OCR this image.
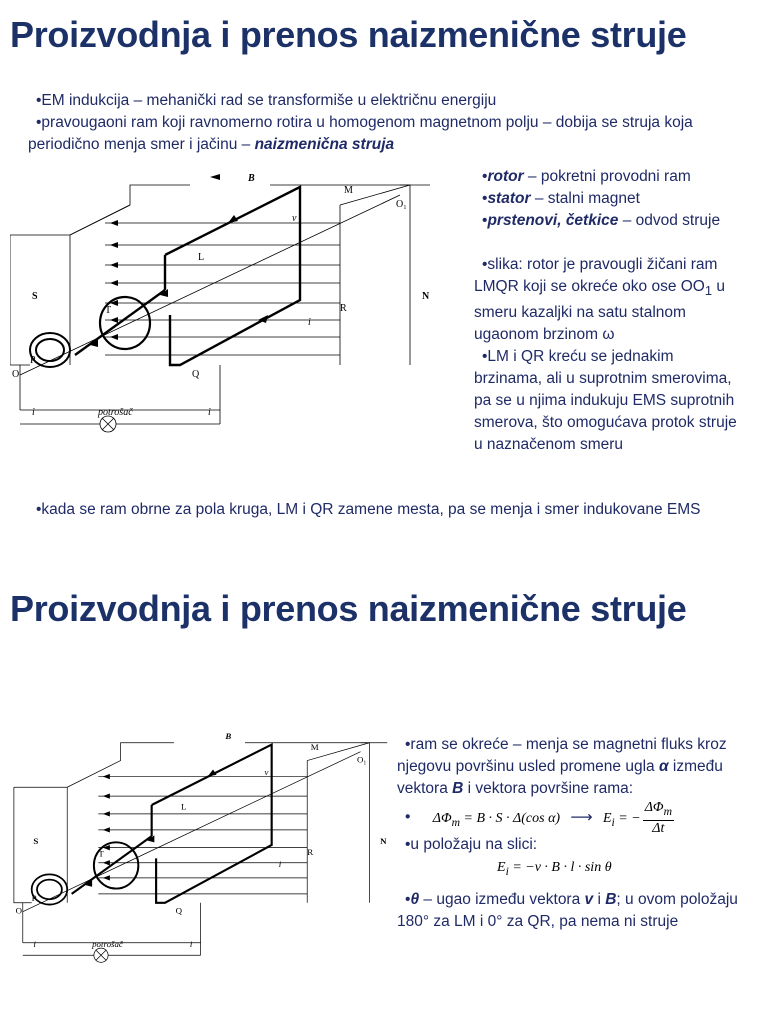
Proizvodnja i prenos naizmenične struje
•EM indukcija – mehanički rad se transformiše u električnu energiju
•pravougaoni ram koji ravnomerno rotira u homogenom magnetnom polju – dobija se struja koja periodično menja smer i jačinu – naizmenična struja
B
M
O₁
v
L
S	N
R
i
T
P
O	Q
i	potrošač	i
•rotor – pokretni provodni ram
•stator – stalni magnet
•prstenovi, četkice – odvod struje
•slika: rotor je pravougli žičani ram LMQR koji se okreće oko ose $OO_1$ u smeru kazaljki na satu stalnom ugaonom brzinom ω
•LM i QR kreću se jednakim brzinama, ali u suprotnim smerovima, pa se u njima indukuju EMS suprotnih smerova, što omogućava protok struje u naznačenom smeru
•kada se ram obrne za pola kruga, LM i QR zamene mesta, pa se menja i smer indukovane EMS
Proizvodnja i prenos naizmenične struje
B
M
O₁
v
L
S	N
R
i
T
P
O	Q
i	potrošač	i
•ram se okreće – menja se magnetni fluks kroz njegovu površinu usled promene ugla α između vektora B i vektora površine rama:
• $\Delta\Phi_m = B \cdot S \cdot \Delta(\cos$ α) ⟶ $E_i$ = −
$\Delta\Phi_m$
Δt
•u položaju na slici:
$E_i = -v \cdot B \cdot l \cdot \sin \theta$
•θ – ugao između vektora v i B; u ovom položaju 180° za LM i 0° za QR, pa nema ni struje
